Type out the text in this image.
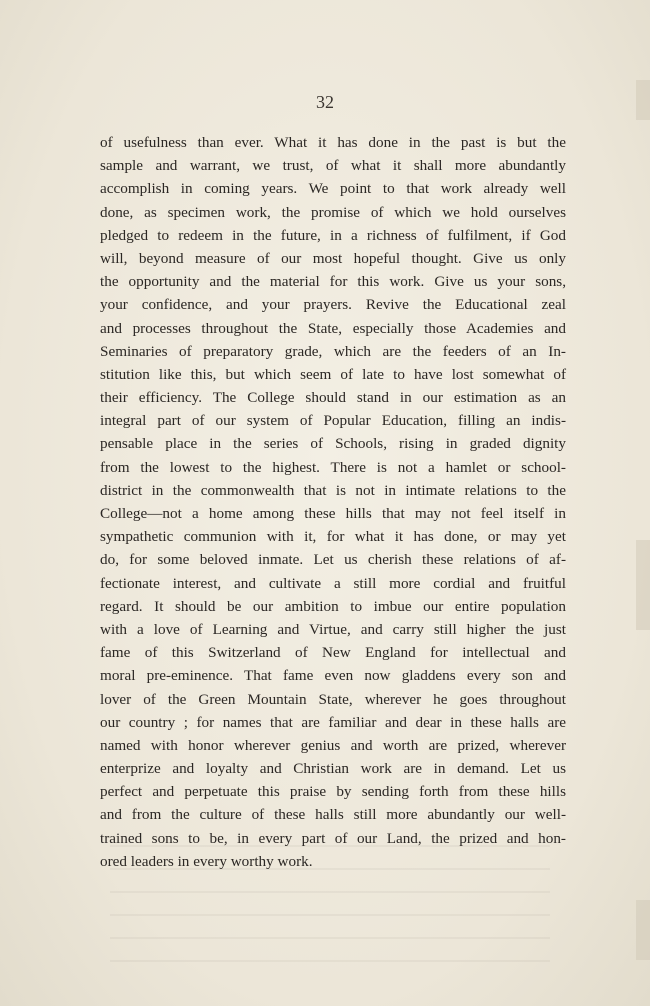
32
of usefulness than ever. What it has done in the past is but the
sample and warrant, we trust, of what it shall more abundantly
accomplish in coming years. We point to that work already well
done, as specimen work, the promise of which we hold ourselves
pledged to redeem in the future, in a richness of fulfilment, if God
will, beyond measure of our most hopeful thought. Give us only
the opportunity and the material for this work. Give us your sons,
your confidence, and your prayers. Revive the Educational zeal
and processes throughout the State, especially those Academies and
Seminaries of preparatory grade, which are the feeders of an In-
stitution like this, but which seem of late to have lost somewhat of
their efficiency. The College should stand in our estimation as an
integral part of our system of Popular Education, filling an indis-
pensable place in the series of Schools, rising in graded dignity
from the lowest to the highest. There is not a hamlet or school-
district in the commonwealth that is not in intimate relations to the
College—not a home among these hills that may not feel itself in
sympathetic communion with it, for what it has done, or may yet
do, for some beloved inmate. Let us cherish these relations of af-
fectionate interest, and cultivate a still more cordial and fruitful
regard. It should be our ambition to imbue our entire population
with a love of Learning and Virtue, and carry still higher the just
fame of this Switzerland of New England for intellectual and
moral pre-eminence. That fame even now gladdens every son and
lover of the Green Mountain State, wherever he goes throughout
our country ; for names that are familiar and dear in these halls are
named with honor wherever genius and worth are prized, wherever
enterprize and loyalty and Christian work are in demand. Let us
perfect and perpetuate this praise by sending forth from these hills
and from the culture of these halls still more abundantly our well-
trained sons to be, in every part of our Land, the prized and hon-
ored leaders in every worthy work.
